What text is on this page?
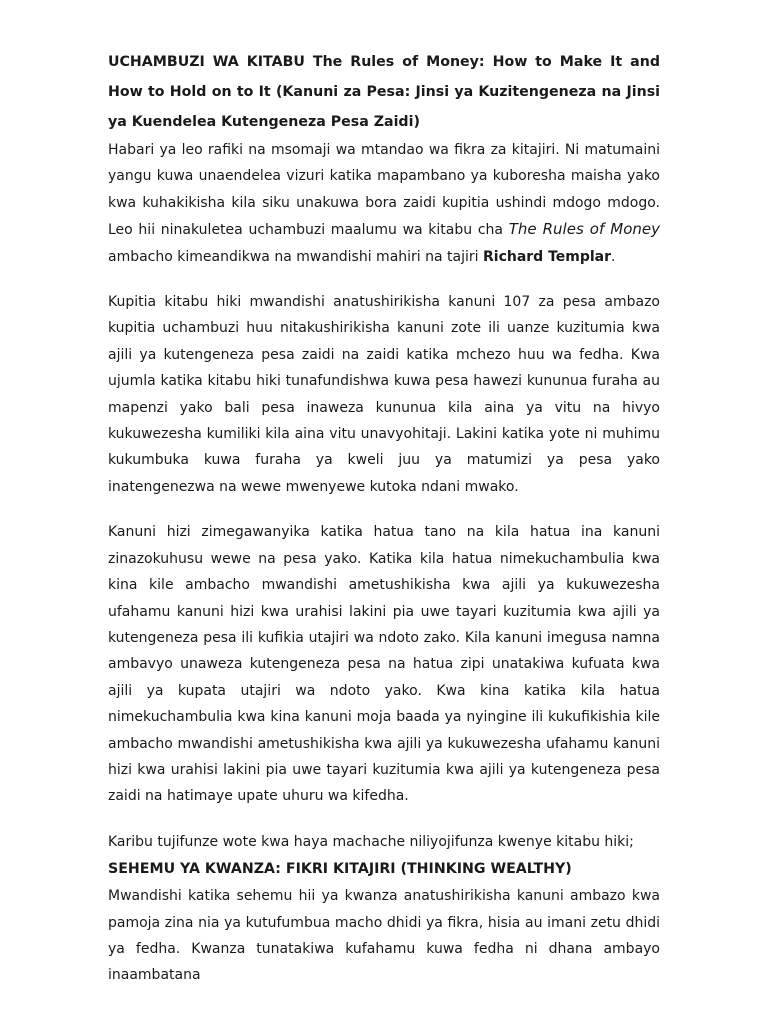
UCHAMBUZI WA KITABU The Rules of Money: How to Make It and How to Hold on to It (Kanuni za Pesa: Jinsi ya Kuzitengeneza na Jinsi ya Kuendelea Kutengeneza Pesa Zaidi)

Habari ya leo rafiki na msomaji wa mtandao wa fikra za kitajiri. Ni matumaini yangu kuwa unaendelea vizuri katika mapambano ya kuboresha maisha yako kwa kuhakikisha kila siku unakuwa bora zaidi kupitia ushindi mdogo mdogo. Leo hii ninakuletea uchambuzi maalumu wa kitabu cha The Rules of Money ambacho kimeandikwa na mwandishi mahiri na tajiri Richard Templar.

Kupitia kitabu hiki mwandishi anatushirikisha kanuni 107 za pesa ambazo kupitia uchambuzi huu nitakushirikisha kanuni zote ili uanze kuzitumia kwa ajili ya kutengeneza pesa zaidi na zaidi katika mchezo huu wa fedha. Kwa ujumla katika kitabu hiki tunafundishwa kuwa pesa hawezi kununua furaha au mapenzi yako bali pesa inaweza kununua kila aina ya vitu na hivyo kukuwezesha kumiliki kila aina vitu unavyohitaji. Lakini katika yote ni muhimu kukumbuka kuwa furaha ya kweli juu ya matumizi ya pesa yako inatengenezwa na wewe mwenyewe kutoka ndani mwako.

Kanuni hizi zimegawanyika katika hatua tano na kila hatua ina kanuni zinazokuhusu wewe na pesa yako. Katika kila hatua nimekuchambulia kwa kina kile ambacho mwandishi ametushikisha kwa ajili ya kukuwezesha ufahamu kanuni hizi kwa urahisi lakini pia uwe tayari kuzitumia kwa ajili ya kutengeneza pesa ili kufikia utajiri wa ndoto zako. Kila kanuni imegusa namna ambavyo unaweza kutengeneza pesa na hatua zipi unatakiwa kufuata kwa ajili ya kupata utajiri wa ndoto yako. Kwa kina katika kila hatua nimekuchambulia kwa kina kanuni moja baada ya nyingine ili kukufikishia kile ambacho mwandishi ametushikisha kwa ajili ya kukuwezesha ufahamu kanuni hizi kwa urahisi lakini pia uwe tayari kuzitumia kwa ajili ya kutengeneza pesa zaidi na hatimaye upate uhuru wa kifedha.

Karibu tujifunze wote kwa haya machache niliyojifunza kwenye kitabu hiki;

SEHEMU YA KWANZA: FIKRI KITAJIRI (THINKING WEALTHY)

Mwandishi katika sehemu hii ya kwanza anatushirikisha kanuni ambazo kwa pamoja zina nia ya kutufumbua macho dhidi ya fikra, hisia au imani zetu dhidi ya fedha. Kwanza tunatakiwa kufahamu kuwa fedha ni dhana ambayo inaambatana
